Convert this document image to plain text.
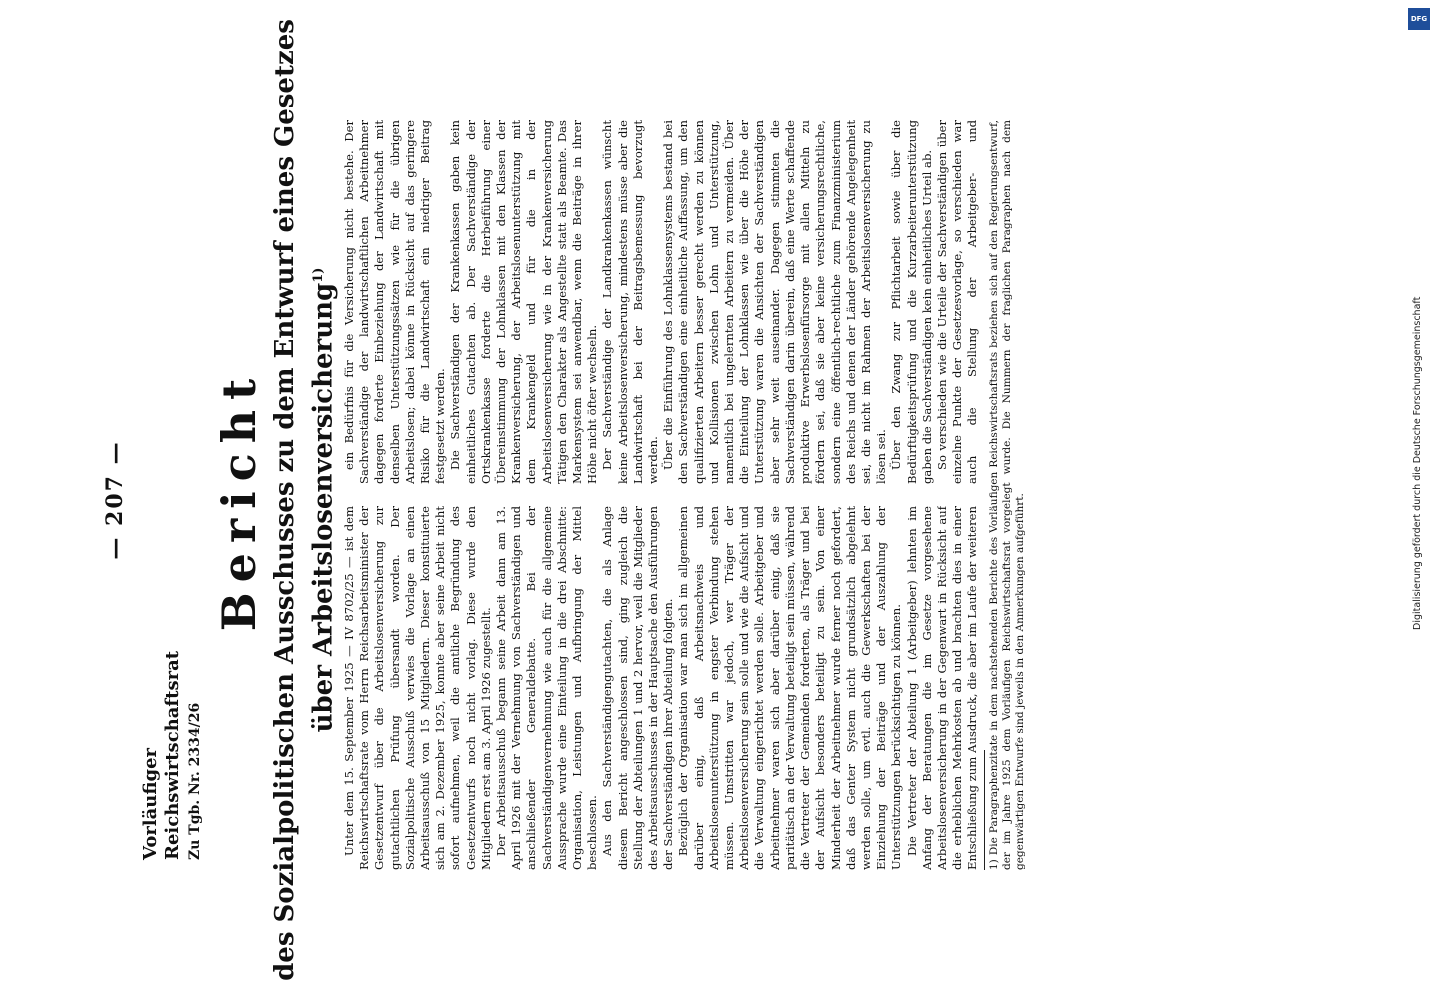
— 207 —
Vorläufiger Reichswirtschaftsrat Zu Tgb. Nr. 2334/26
Bericht des Sozialpolitischen Ausschusses zu dem Entwurf eines Gesetzes über Arbeitslosenversicherung$^{1)}$

Unter dem 15. September 1925 — IV 8702/25 — ist dem Reichswirtschaftsrate vom Herrn Reichsarbeitsminister der Gesetzentwurf über die Arbeitslosenversicherung zur gutachtlichen Prüfung übersandt worden. Der Sozialpolitische Ausschuß verwies die Vorlage an einen Arbeitsausschuß von 15 Mitgliedern. Dieser konstituierte sich am 2. Dezember 1925, konnte aber seine Arbeit nicht sofort aufnehmen, weil die amtliche Begründung des Gesetzentwurfs noch nicht vorlag. Diese wurde den Mitgliedern erst am 3. April 1926 zugestellt. Der Arbeitsausschuß begann seine Arbeit dann am 13. April 1926 mit der Vernehmung von Sachverständigen und anschließender Generaldebatte. Bei der Sachverständigenvernehmung wie auch für die allgemeine Aussprache wurde eine Einteilung in die drei Abschnitte: Organisation, Leistungen und Aufbringung der Mittel beschlossen. Aus den Sachverständigengutachten, die als Anlage diesem Bericht angeschlossen sind, ging zugleich die Stellung der Abteilungen 1 und 2 hervor, weil die Mitglieder des Arbeitsausschusses in der Hauptsache den Ausführungen der Sachverständigen ihrer Abteilung folgten. Bezüglich der Organisation war man sich im allgemeinen darüber einig, daß Arbeitsnachweis und Arbeitslosenunterstützung in engster Verbindung stehen müssen. Umstritten war jedoch, wer Träger der Arbeitslosenversicherung sein solle und wie die Aufsicht und die Verwaltung eingerichtet werden solle. Arbeitgeber und Arbeitnehmer waren sich aber darüber einig, daß sie paritätisch an der Verwaltung beteiligt sein müssen, während die Vertreter der Gemeinden forderten, als Träger und bei der Aufsicht besonders beteiligt zu sein. Von einer Minderheit der Arbeitnehmer wurde ferner noch gefordert, daß das Genter System nicht grundsätzlich abgelehnt werden solle, um evtl. auch die Gewerkschaften bei der Einziehung der Beiträge und der Auszahlung der Unterstützungen berücksichtigen zu können. Die Vertreter der Abteilung 1 (Arbeitgeber) lehnten im Anfang der Beratungen die im Gesetze vorgesehene Arbeitslosenversicherung in der Gegenwart in Rücksicht auf die erheblichen Mehrkosten ab und brachten dies in einer Entschließung zum Ausdruck, die aber im Laufe der weiteren

ein Bedürfnis für die Versicherung nicht bestehe. Der Sachverständige der landwirtschaftlichen Arbeitnehmer dagegen forderte Einbeziehung der Landwirtschaft mit denselben Unterstützungssätzen wie für die übrigen Arbeitslosen; dabei könne in Rücksicht auf das geringere Risiko für die Landwirtschaft ein niedriger Beitrag festgesetzt werden. Die Sachverständigen der Krankenkassen gaben kein einheitliches Gutachten ab. Der Sachverständige der Ortskrankenkasse forderte die Herbeiführung einer Übereinstimmung der Lohnklassen mit den Klassen der Krankenversicherung, der Arbeitslosenunterstützung mit dem Krankengeld und für die in der Arbeitslosenversicherung wie in der Krankenversicherung Tätigen den Charakter als Angestellte statt als Beamte. Das Markensystem sei anwendbar, wenn die Beiträge in ihrer Höhe nicht öfter wechseln. Der Sachverständige der Landkrankenkassen wünscht keine Arbeitslosenversicherung, mindestens müsse aber die Landwirtschaft bei der Beitragsbemessung bevorzugt werden. Über die Einführung des Lohnklassensystems bestand bei den Sachverständigen eine einheitliche Auffassung, um den qualifizierten Arbeitern besser gerecht werden zu können und Kollisionen zwischen Lohn und Unterstützung, namentlich bei ungelernten Arbeitern zu vermeiden. Über die Einteilung der Lohnklassen wie über die Höhe der Unterstützung waren die Ansichten der Sachverständigen aber sehr weit auseinander. Dagegen stimmten die Sachverständigen darin überein, daß eine Werte schaffende produktive Erwerbslosenfürsorge mit allen Mitteln zu fördern sei, daß sie aber keine versicherungsrechtliche, sondern eine öffentlich-rechtliche zum Finanzministerium des Reichs und denen der Länder gehörende Angelegenheit sei, die nicht im Rahmen der Arbeitslosenversicherung zu lösen sei. Über den Zwang zur Pflichtarbeit sowie über die Bedürftigkeitsprüfung und die Kurzarbeiterunterstützung gaben die Sachverständigen kein einheitliches Urteil ab. So verschieden wie die Urteile der Sachverständigen über einzelne Punkte der Gesetzesvorlage, so verschieden war auch die Stellung der Arbeitgeber- und 1) Die Paragraphenzitate in dem nachstehenden Berichte des Vorläufigen Reichswirtschaftsrats beziehen sich auf den Regierungsentwurf, der im Jahre 1925 dem Vorläufigen Reichswirtschaftsrat vorgelegt wurde. Die Nummern der fraglichen Paragraphen nach dem gegenwärtigen Entwurfe sind jeweils in den Anmerkungen aufgeführt.
DFG
Digitalisierung gefördert durch die Deutsche Forschungsgemeinschaft
